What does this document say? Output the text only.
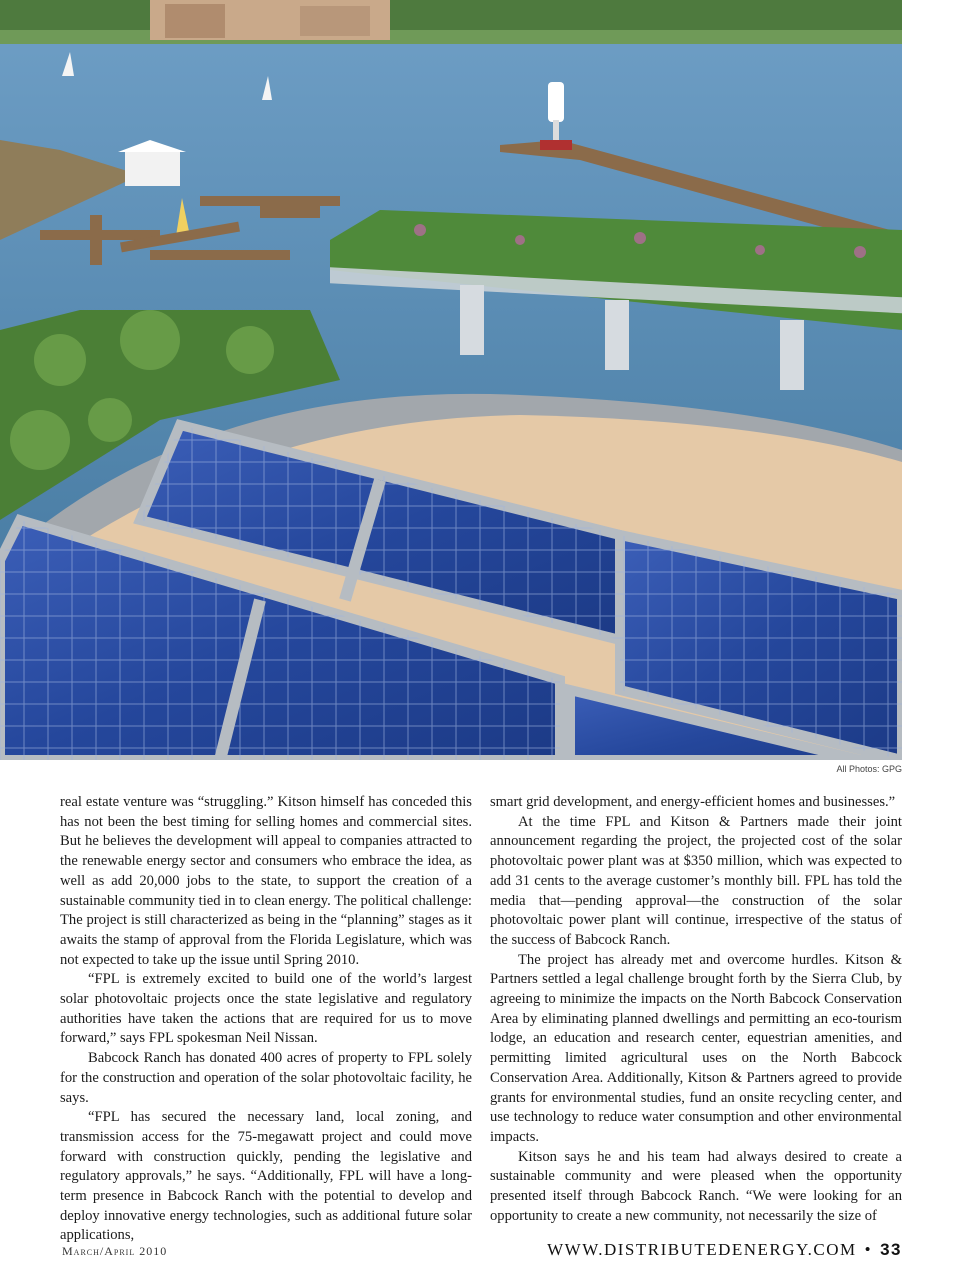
All Photos: GPG

real estate venture was “struggling.” Kitson himself has conceded this has not been the best timing for selling homes and commercial sites. But he believes the development will appeal to companies attracted to the renewable energy sector and consumers who embrace the idea, as well as add 20,000 jobs to the state, to support the creation of a sustainable community tied in to clean energy. The political challenge: The project is still characterized as being in the “planning” stages as it awaits the stamp of approval from the Florida Legislature, which was not expected to take up the issue until Spring 2010.

“FPL is extremely excited to build one of the world’s largest solar photovoltaic projects once the state legislative and regulatory authorities have taken the actions that are required for us to move forward,” says FPL spokesman Neil Nissan.

Babcock Ranch has donated 400 acres of property to FPL solely for the construction and operation of the solar photovoltaic facility, he says.

“FPL has secured the necessary land, local zoning, and transmission access for the 75-megawatt project and could move forward with construction quickly, pending the legislative and regulatory approvals,” he says. “Additionally, FPL will have a long-term presence in Babcock Ranch with the potential to develop and deploy innovative energy technologies, such as additional future solar applications,

smart grid development, and energy-efficient homes and businesses.”

At the time FPL and Kitson & Partners made their joint announcement regarding the project, the projected cost of the solar photovoltaic power plant was at $350 million, which was expected to add 31 cents to the average customer’s monthly bill. FPL has told the media that—pending approval—the construction of the solar photovoltaic power plant will continue, irrespective of the status of the success of Babcock Ranch.

The project has already met and overcome hurdles. Kitson & Partners settled a legal challenge brought forth by the Sierra Club, by agreeing to minimize the impacts on the North Babcock Conservation Area by eliminating planned dwellings and permitting an eco-tourism lodge, an education and research center, equestrian amenities, and permitting limited agricultural uses on the North Babcock Conservation Area. Additionally, Kitson & Partners agreed to provide grants for environmental studies, fund an onsite recycling center, and use technology to reduce water consumption and other environmental impacts.

Kitson says he and his team had always desired to create a sustainable community and were pleased when the opportunity presented itself through Babcock Ranch. “We were looking for an opportunity to create a new community, not necessarily the size of

March/April 2010	WWW.DISTRIBUTEDENERGY.COM • 33
